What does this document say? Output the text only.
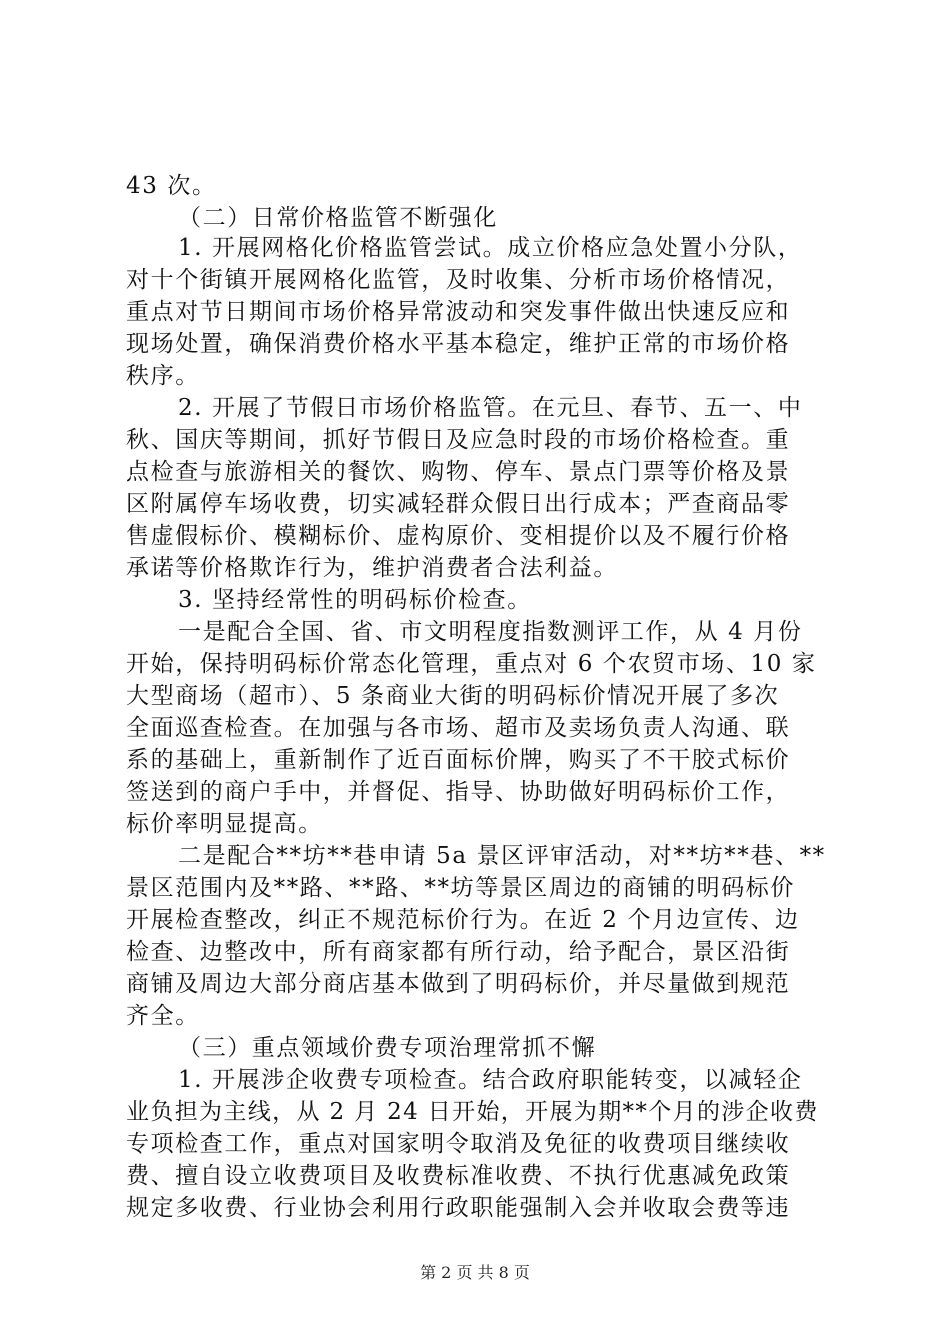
43 次。
（二）日常价格监管不断强化
1. 开展网格化价格监管尝试。成立价格应急处置小分队，
对十个街镇开展网格化监管，及时收集、分析市场价格情况，
重点对节日期间市场价格异常波动和突发事件做出快速反应和
现场处置，确保消费价格水平基本稳定，维护正常的市场价格
秩序。
2. 开展了节假日市场价格监管。在元旦、春节、五一、中
秋、国庆等期间，抓好节假日及应急时段的市场价格检查。重
点检查与旅游相关的餐饮、购物、停车、景点门票等价格及景
区附属停车场收费，切实减轻群众假日出行成本；严查商品零
售虚假标价、模糊标价、虚构原价、变相提价以及不履行价格
承诺等价格欺诈行为，维护消费者合法利益。
3. 坚持经常性的明码标价检查。
一是配合全国、省、市文明程度指数测评工作，从 4 月份
开始，保持明码标价常态化管理，重点对 6 个农贸市场、10 家
大型商场（超市）、5 条商业大街的明码标价情况开展了多次
全面巡查检查。在加强与各市场、超市及卖场负责人沟通、联
系的基础上，重新制作了近百面标价牌，购买了不干胶式标价
签送到的商户手中，并督促、指导、协助做好明码标价工作，
标价率明显提高。
二是配合**坊**巷申请 5a 景区评审活动，对**坊**巷、**
景区范围内及**路、**路、**坊等景区周边的商铺的明码标价
开展检查整改，纠正不规范标价行为。在近 2 个月边宣传、边
检查、边整改中，所有商家都有所行动，给予配合，景区沿街
商铺及周边大部分商店基本做到了明码标价，并尽量做到规范
齐全。
（三）重点领域价费专项治理常抓不懈
1. 开展涉企收费专项检查。结合政府职能转变，以减轻企
业负担为主线，从 2 月 24 日开始，开展为期**个月的涉企收费
专项检查工作，重点对国家明令取消及免征的收费项目继续收
费、擅自设立收费项目及收费标准收费、不执行优惠减免政策
规定多收费、行业协会利用行政职能强制入会并收取会费等违
第 2 页 共 8 页
